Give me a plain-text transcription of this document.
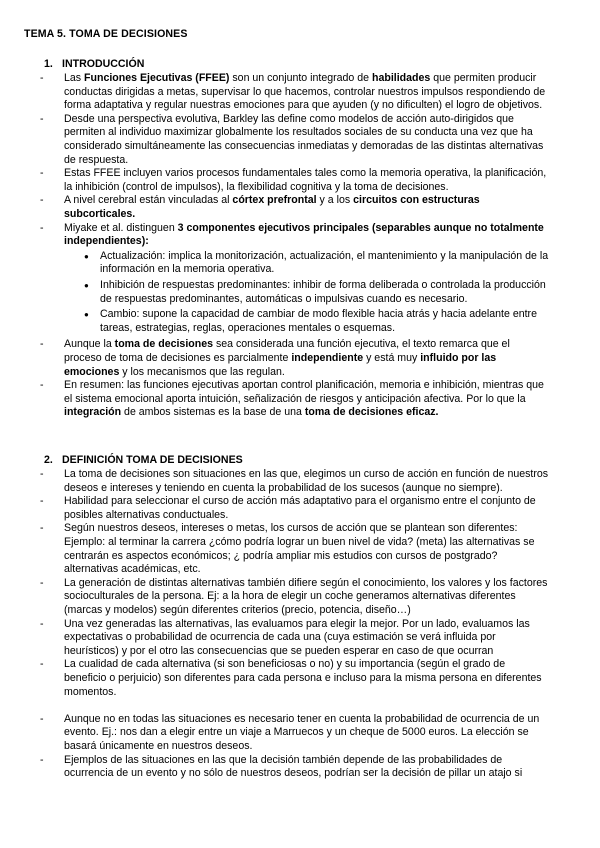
TEMA 5. TOMA DE DECISIONES
1. INTRODUCCIÓN
- Las Funciones Ejecutivas (FFEE) son un conjunto integrado de habilidades que permiten producir
conductas dirigidas a metas, supervisar lo que hacemos, controlar nuestros impulsos respondiendo de
forma adaptativa y regular nuestras emociones para que ayuden (y no dificulten) el logro de objetivos.
- Desde una perspectiva evolutiva, Barkley las define como modelos de acción auto-dirigidos que
permiten al individuo maximizar globalmente los resultados sociales de su conducta una vez que ha
considerado simultáneamente las consecuencias inmediatas y demoradas de las distintas alternativas
de respuesta.
- Estas FFEE incluyen varios procesos fundamentales tales como la memoria operativa, la planificación,
la inhibición (control de impulsos), la flexibilidad cognitiva y la toma de decisiones.
- A nivel cerebral están vinculadas al córtex prefrontal y a los circuitos con estructuras
subcorticales.
- Miyake et al. distinguen 3 componentes ejecutivos principales (separables aunque no totalmente
independientes):
● Actualización: implica la monitorización, actualización, el mantenimiento y la manipulación de la
información en la memoria operativa.
● Inhibición de respuestas predominantes: inhibir de forma deliberada o controlada la producción
de respuestas predominantes, automáticas o impulsivas cuando es necesario.
● Cambio: supone la capacidad de cambiar de modo flexible hacia atrás y hacia adelante entre
tareas, estrategias, reglas, operaciones mentales o esquemas.
- Aunque la toma de decisiones sea considerada una función ejecutiva, el texto remarca que el
proceso de toma de decisiones es parcialmente independiente y está muy influido por las
emociones y los mecanismos que las regulan.
- En resumen: las funciones ejecutivas aportan control planificación, memoria e inhibición, mientras que
el sistema emocional aporta intuición, señalización de riesgos y anticipación afectiva. Por lo que la
integración de ambos sistemas es la base de una toma de decisiones eficaz.
2. DEFINICIÓN TOMA DE DECISIONES
- La toma de decisiones son situaciones en las que, elegimos un curso de acción en función de nuestros
deseos e intereses y teniendo en cuenta la probabilidad de los sucesos (aunque no siempre).
- Habilidad para seleccionar el curso de acción más adaptativo para el organismo entre el conjunto de
posibles alternativas conductuales.
- Según nuestros deseos, intereses o metas, los cursos de acción que se plantean son diferentes:
Ejemplo: al terminar la carrera ¿cómo podría lograr un buen nivel de vida? (meta) las alternativas se
centrarán es aspectos económicos; ¿ podría ampliar mis estudios con cursos de postgrado?
alternativas académicas, etc.
- La generación de distintas alternativas también difiere según el conocimiento, los valores y los factores
socioculturales de la persona. Ej: a la hora de elegir un coche generamos alternativas diferentes
(marcas y modelos) según diferentes criterios (precio, potencia, diseño…)
- Una vez generadas las alternativas, las evaluamos para elegir la mejor. Por un lado, evaluamos las
expectativas o probabilidad de ocurrencia de cada una (cuya estimación se verá influida por
heurísticos) y por el otro las consecuencias que se pueden esperar en caso de que ocurran
- La cualidad de cada alternativa (si son beneficiosas o no) y su importancia (según el grado de
beneficio o perjuicio) son diferentes para cada persona e incluso para la misma persona en diferentes
momentos.
- Aunque no en todas las situaciones es necesario tener en cuenta la probabilidad de ocurrencia de un
evento. Ej.: nos dan a elegir entre un viaje a Marruecos y un cheque de 5000 euros. La elección se
basará únicamente en nuestros deseos.
- Ejemplos de las situaciones en las que la decisión también depende de las probabilidades de
ocurrencia de un evento y no sólo de nuestros deseos, podrían ser la decisión de pillar un atajo si
